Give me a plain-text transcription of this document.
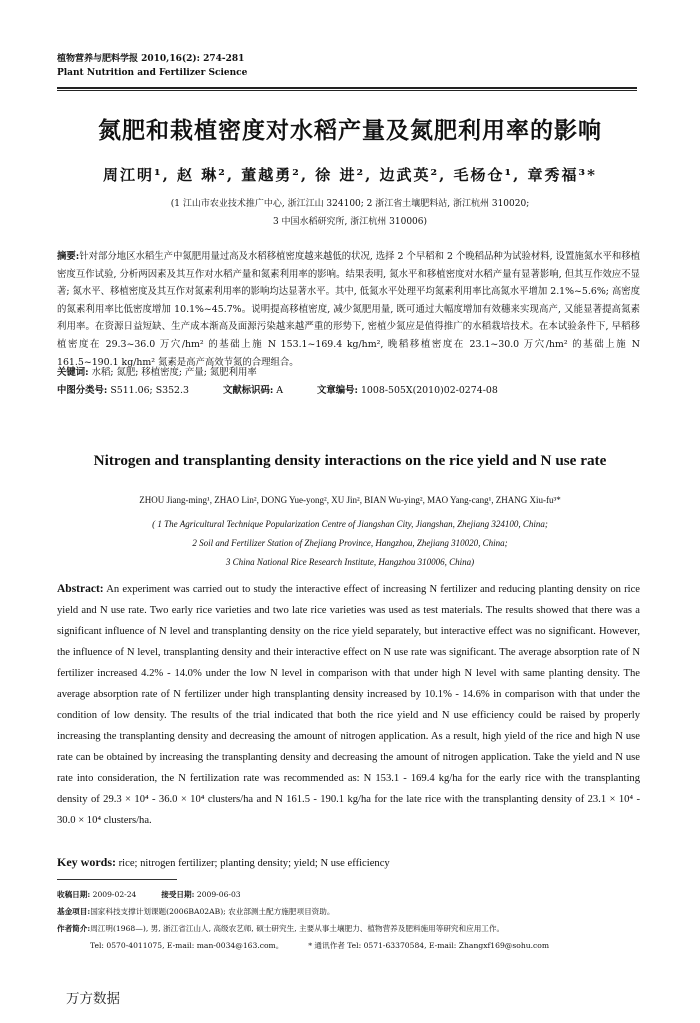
植物营养与肥料学报 2010,16(2): 274-281
Plant Nutrition and Fertilizer Science
氮肥和栽植密度对水稻产量及氮肥利用率的影响
周江明¹, 赵 琳², 董越勇², 徐 进², 边武英², 毛杨仓¹, 章秀福³*
(1 江山市农业技术推广中心, 浙江江山 324100; 2 浙江省土壤肥料站, 浙江杭州 310020;
3 中国水稻研究所, 浙江杭州 310006)

摘要:针对部分地区水稻生产中氮肥用量过高及水稻移植密度越来越低的状况, 选择 2 个早稻和 2 个晚稻品种为试验材料, 设置施氮水平和移植密度互作试验, 分析两因素及其互作对水稻产量和氮素利用率的影响。结果表明, 氮水平和移植密度对水稻产量有显著影响, 但其互作效应不显著; 氮水平、移植密度及其互作对氮素利用率的影响均达显著水平。其中, 低氮水平处理平均氮素利用率比高氮水平增加 2.1%~5.6%; 高密度的氮素利用率比低密度增加 10.1%~45.7%。说明提高移植密度, 减少氮肥用量, 既可通过大幅度增加有效穗来实现高产, 又能显著提高氮素利用率。在资源日益短缺、生产成本渐高及面源污染越来越严重的形势下, 密植少氮应是值得推广的水稻栽培技术。在本试验条件下, 早稻移植密度在 29.3~36.0 万穴/hm² 的基础上施 N 153.1~169.4 kg/hm², 晚稻移植密度在 23.1~30.0 万穴/hm² 的基础上施 N 161.5~190.1 kg/hm² 氮素是高产高效节氮的合理组合。

关键词: 水稻; 氮肥; 移植密度; 产量; 氮肥利用率
中图分类号: S511.06; S352.3	文献标识码: A	文章编号: 1008-505X(2010)02-0274-08
Nitrogen and transplanting density interactions on the rice yield and N use rate
ZHOU Jiang-ming¹, ZHAO Lin², DONG Yue-yong², XU Jin², BIAN Wu-ying², MAO Yang-cang¹, ZHANG Xiu-fu³*
( 1 The Agricultural Technique Popularization Centre of Jiangshan City, Jiangshan, Zhejiang 324100, China;
2 Soil and Fertilizer Station of Zhejiang Province, Hangzhou, Zhejiang 310020, China;
3 China National Rice Research Institute, Hangzhou 310006, China)

Abstract: An experiment was carried out to study the interactive effect of increasing N fertilizer and reducing planting density on rice yield and N use rate. Two early rice varieties and two late rice varieties was used as test materials. The results showed that there was a significant influence of N level and transplanting density on the rice yield separately, but interactive effect was no significant. However, the influence of N level, transplanting density and their interactive effect on N use rate was significant. The average absorption rate of N fertilizer increased 4.2% - 14.0% under the low N level in comparison with that under high N level with same planting density. The average absorption rate of N fertilizer under high transplanting density increased by 10.1% - 14.6% in comparison with that under the condition of low density. The results of the trial indicated that both the rice yield and N use efficiency could be raised by properly increasing the transplanting density and decreasing the amount of nitrogen application. As a result, high yield of the rice and high N use rate can be obtained by increasing the transplanting density and decreasing the amount of nitrogen application. Take the yield and N use rate into consideration, the N fertilization rate was recommended as: N 153.1 - 169.4 kg/ha for the early rice with the transplanting density of 29.3 × 10⁴ - 36.0 × 10⁴ clusters/ha and N 161.5 - 190.1 kg/ha for the late rice with the transplanting density of 23.1 × 10⁴ - 30.0 × 10⁴ clusters/ha.

Key words: rice; nitrogen fertilizer; planting density; yield; N use efficiency
收稿日期: 2009-02-24	接受日期: 2009-06-03
基金项目:国家科技支撑计划课题(2006BA02AB); 农业部测土配方施肥项目资助。
作者简介:周江明(1968—), 男, 浙江省江山人, 高级农艺师, 硕士研究生, 主要从事土壤肥力、植物营养及肥料施用等研究和应用工作。
Tel: 0570-4011075, E-mail: man-0034@163.com。	* 通讯作者 Tel: 0571-63370584, E-mail: Zhangxf169@sohu.com
万方数据
